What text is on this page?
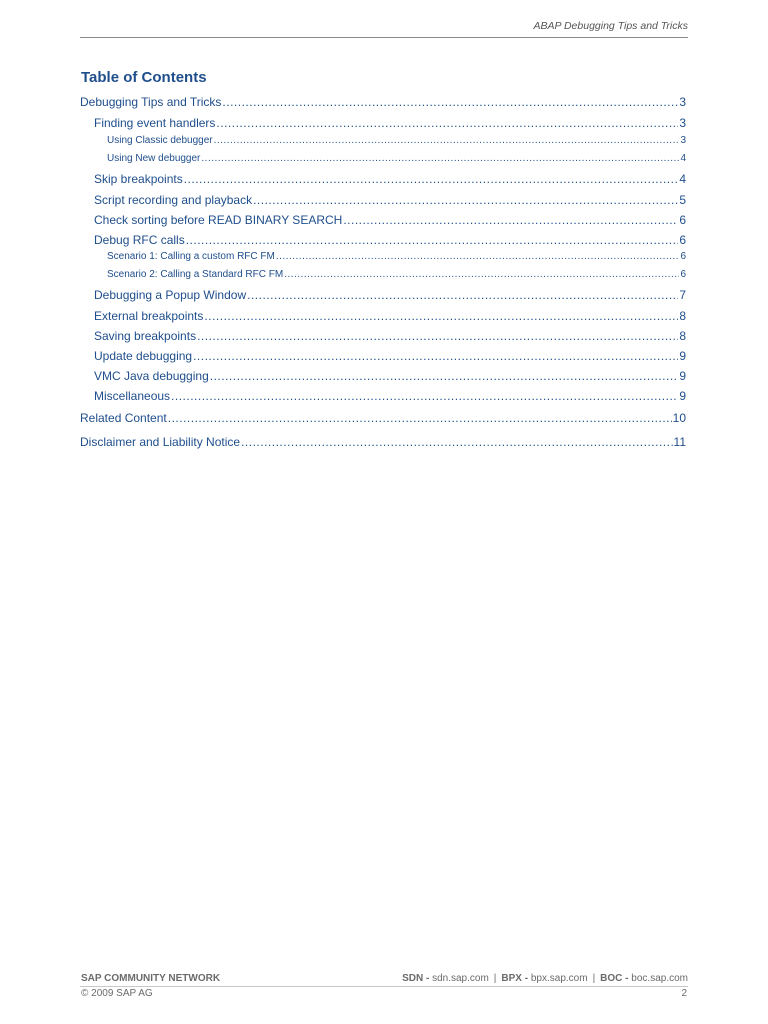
ABAP Debugging Tips and Tricks
Table of Contents
Debugging Tips and Tricks .....	3
Finding event handlers .....	3
Using Classic debugger .....	3
Using New debugger .....	4
Skip breakpoints .....	4
Script recording and playback .....	5
Check sorting before READ BINARY SEARCH .....	6
Debug RFC calls .....	6
Scenario 1: Calling a custom RFC FM .....	6
Scenario 2: Calling a Standard RFC FM .....	6
Debugging a Popup Window .....	7
External breakpoints .....	8
Saving breakpoints .....	8
Update debugging .....	9
VMC Java debugging .....	9
Miscellaneous .....	9
Related Content .....	10
Disclaimer and Liability Notice .....	11
SAP COMMUNITY NETWORK
© 2009 SAP AG
SDN - sdn.sap.com | BPX - bpx.sap.com | BOC - boc.sap.com
2
